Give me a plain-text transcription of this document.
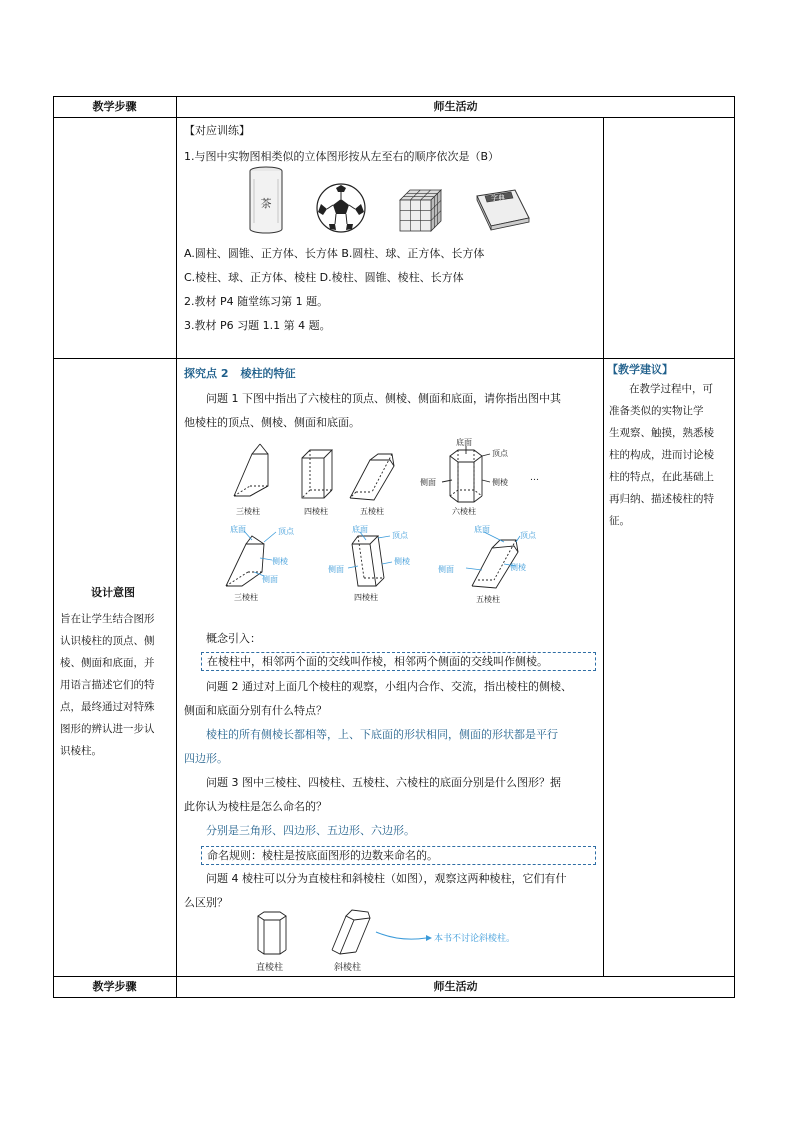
教学步骤	师生活动
【对应训练】
1.与图中实物图相类似的立体图形按从左至右的顺序依次是（B）
茶	字典
A.圆柱、圆锥、正方体、长方体 B.圆柱、球、正方体、长方体
C.棱柱、球、正方体、棱柱 D.棱柱、圆锥、棱柱、长方体
2.教材 P4 随堂练习第 1 题。
3.教材 P6 习题 1.1 第 4 题。
设计意图
旨在让学生结合图形
认识棱柱的顶点、侧
棱、侧面和底面，并
用语言描述它们的特
点，最终通过对特殊
图形的辨认进一步认
识棱柱。
探究点 2 棱柱的特征
问题 1 下图中指出了六棱柱的顶点、侧棱、侧面和底面，请你指出图中其
他棱柱的顶点、侧棱、侧面和底面。
底面
顶点
侧面	侧棱 …
三棱柱	四棱柱	五棱柱	六棱柱
底面	顶点
侧棱
侧面
底面
顶点
侧棱
侧面
底面
顶点
侧面	侧棱
三棱柱	四棱柱	五棱柱
概念引入：
在棱柱中，相邻两个面的交线叫作棱，相邻两个侧面的交线叫作侧棱。
问题 2 通过对上面几个棱柱的观察，小组内合作、交流，指出棱柱的侧棱、
侧面和底面分别有什么特点？
棱柱的所有侧棱长都相等，上、下底面的形状相同，侧面的形状都是平行
四边形。
问题 3 图中三棱柱、四棱柱、五棱柱、六棱柱的底面分别是什么图形？据
此你认为棱柱是怎么命名的？
分别是三角形、四边形、五边形、六边形。
命名规则：棱柱是按底面图形的边数来命名的。
问题 4 棱柱可以分为直棱柱和斜棱柱（如图），观察这两种棱柱，它们有什
么区别？
本书不讨论斜棱柱。
直棱柱	斜棱柱
【教学建议】
在教学过程中，可
准备类似的实物让学
生观察、触摸，熟悉棱
柱的构成，进而讨论棱
柱的特点，在此基础上
再归纳、描述棱柱的特
征。
教学步骤	师生活动
